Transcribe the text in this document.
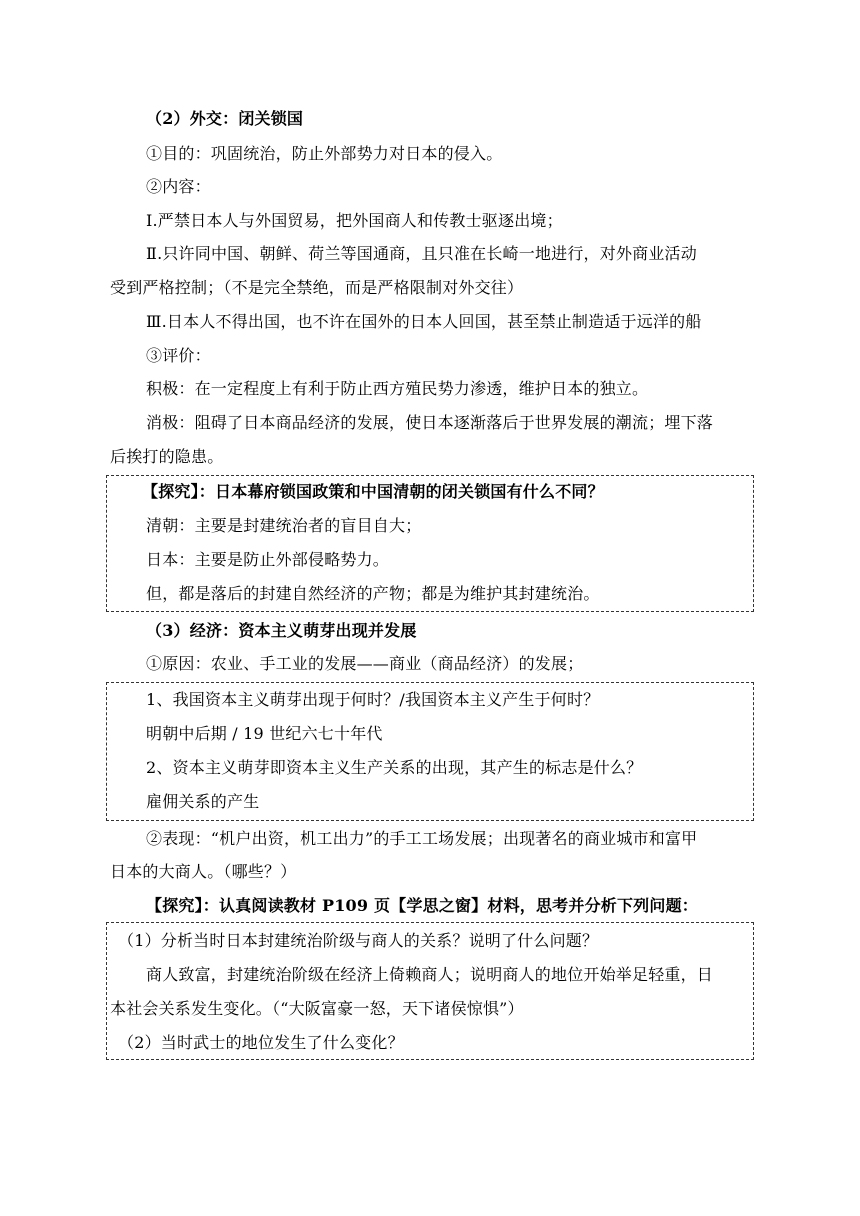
（2）外交：闭关锁国
①目的：巩固统治，防止外部势力对日本的侵入。
②内容：
Ⅰ.严禁日本人与外国贸易，把外国商人和传教士驱逐出境；
Ⅱ.只许同中国、朝鲜、荷兰等国通商，且只准在长崎一地进行，对外商业活动
受到严格控制；（不是完全禁绝，而是严格限制对外交往）
Ⅲ.日本人不得出国，也不许在国外的日本人回国，甚至禁止制造适于远洋的船
③评价：
积极：在一定程度上有利于防止西方殖民势力渗透，维护日本的独立。
消极：阻碍了日本商品经济的发展，使日本逐渐落后于世界发展的潮流；埋下落
后挨打的隐患。
【探究】：日本幕府锁国政策和中国清朝的闭关锁国有什么不同？
清朝：主要是封建统治者的盲目自大；
日本：主要是防止外部侵略势力。
但，都是落后的封建自然经济的产物；都是为维护其封建统治。
（3）经济：资本主义萌芽出现并发展
①原因：农业、手工业的发展——商业（商品经济）的发展；
1、我国资本主义萌芽出现于何时？/我国资本主义产生于何时？
明朝中后期 / 19 世纪六七十年代
2、资本主义萌芽即资本主义生产关系的出现，其产生的标志是什么？
雇佣关系的产生
②表现：“机户出资，机工出力”的手工工场发展；出现著名的商业城市和富甲
日本的大商人。（哪些？）
【探究】：认真阅读教材 P109 页【学思之窗】材料，思考并分析下列问题：
（1）分析当时日本封建统治阶级与商人的关系？说明了什么问题？
商人致富，封建统治阶级在经济上倚赖商人；说明商人的地位开始举足轻重，日
本社会关系发生变化。（“大阪富豪一怒，天下诸侯惊惧”）
（2）当时武士的地位发生了什么变化？
